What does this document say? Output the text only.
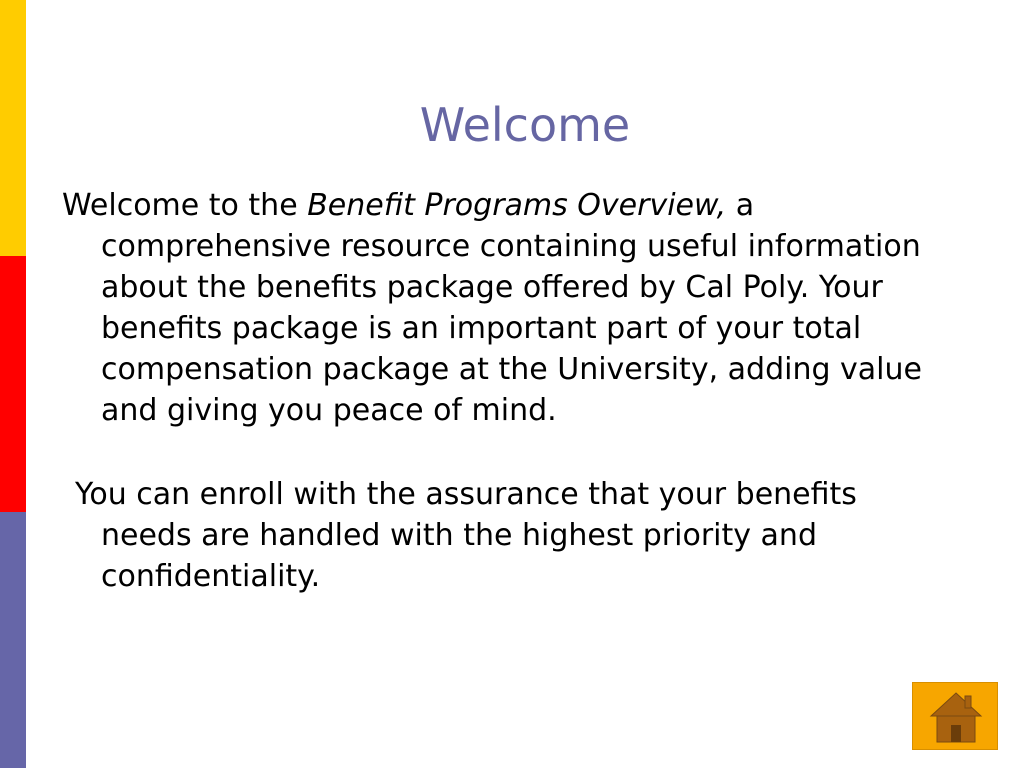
Welcome

Welcome to the Benefit Programs Overview, a comprehensive resource containing useful information about the benefits package offered by Cal Poly. Your benefits package is an important part of your total compensation package at the University, adding value and giving you peace of mind.

You can enroll with the assurance that your benefits needs are handled with the highest priority and confidentiality.
